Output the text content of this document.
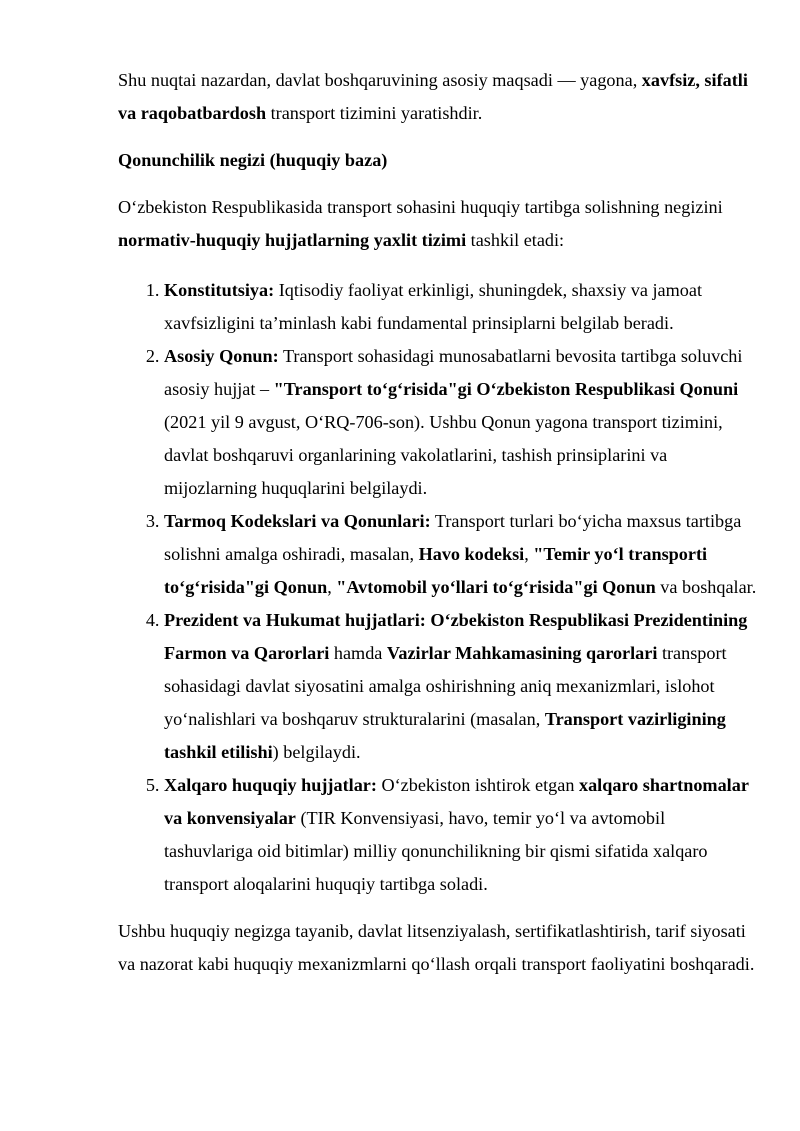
Shu nuqtai nazardan, davlat boshqaruvining asosiy maqsadi — yagona, xavfsiz, sifatli va raqobatbardosh transport tizimini yaratishdir.

Qonunchilik negizi (huquqiy baza)

O‘zbekiston Respublikasida transport sohasini huquqiy tartibga solishning negizini normativ-huquqiy hujjatlarning yaxlit tizimi tashkil etadi:

1. Konstitutsiya: Iqtisodiy faoliyat erkinligi, shuningdek, shaxsiy va jamoat xavfsizligini ta’minlash kabi fundamental prinsiplarni belgilab beradi.
2. Asosiy Qonun: Transport sohasidagi munosabatlarni bevosita tartibga soluvchi asosiy hujjat – "Transport to‘g‘risida"gi O‘zbekiston Respublikasi Qonuni (2021 yil 9 avgust, O‘RQ-706-son). Ushbu Qonun yagona transport tizimini, davlat boshqaruvi organlarining vakolatlarini, tashish prinsiplarini va mijozlarning huquqlarini belgilaydi.
3. Tarmoq Kodekslari va Qonunlari: Transport turlari bo‘yicha maxsus tartibga solishni amalga oshiradi, masalan, Havo kodeksi, "Temir yo‘l transporti to‘g‘risida"gi Qonun, "Avtomobil yo‘llari to‘g‘risida"gi Qonun va boshqalar.
4. Prezident va Hukumat hujjatlari: O‘zbekiston Respublikasi Prezidentining Farmon va Qarorlari hamda Vazirlar Mahkamasining qarorlari transport sohasidagi davlat siyosatini amalga oshirishning aniq mexanizmlari, islohot yo‘nalishlari va boshqaruv strukturalarini (masalan, Transport vazirligining tashkil etilishi) belgilaydi.
5. Xalqaro huquqiy hujjatlar: O‘zbekiston ishtirok etgan xalqaro shartnomalar va konvensiyalar (TIR Konvensiyasi, havo, temir yo‘l va avtomobil tashuvlariga oid bitimlar) milliy qonunchilikning bir qismi sifatida xalqaro transport aloqalarini huquqiy tartibga soladi.

Ushbu huquqiy negizga tayanib, davlat litsenziyalash, sertifikatlashtirish, tarif siyosati va nazorat kabi huquqiy mexanizmlarni qo‘llash orqali transport faoliyatini boshqaradi.
